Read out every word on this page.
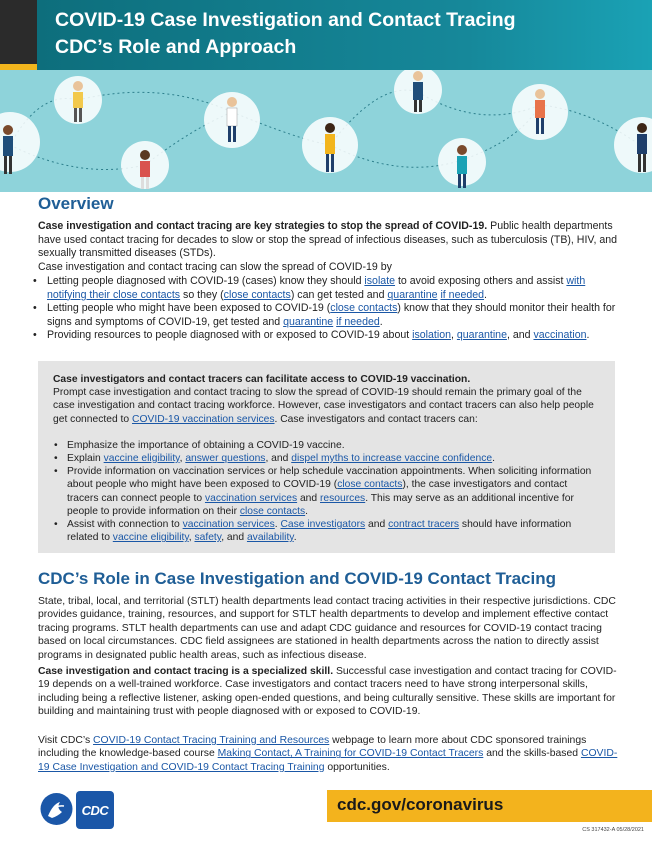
COVID-19 Case Investigation and Contact Tracing
CDC’s Role and Approach
Overview

Case investigation and contact tracing are key strategies to stop the spread of COVID-19. Public health departments have used contact tracing for decades to slow or stop the spread of infectious diseases, such as tuberculosis (TB), HIV, and sexually transmitted diseases (STDs).

Case investigation and contact tracing can slow the spread of COVID-19 by

• Letting people diagnosed with COVID-19 (cases) know they should isolate to avoid exposing others and assist with notifying their close contacts so they (close contacts) can get tested and quarantine if needed.
• Letting people who might have been exposed to COVID-19 (close contacts) know that they should monitor their health for signs and symptoms of COVID-19, get tested and quarantine if needed.
• Providing resources to people diagnosed with or exposed to COVID-19 about isolation, quarantine, and vaccination.
Case investigators and contact tracers can facilitate access to COVID-19 vaccination.
Prompt case investigation and contact tracing to slow the spread of COVID-19 should remain the primary goal of the case investigation and contact tracing workforce. However, case investigators and contact tracers can also help people get connected to COVID-19 vaccination services. Case investigators and contact tracers can:
• Emphasize the importance of obtaining a COVID-19 vaccine.
• Explain vaccine eligibility, answer questions, and dispel myths to increase vaccine confidence.
• Provide information on vaccination services or help schedule vaccination appointments. When soliciting information about people who might have been exposed to COVID-19 (close contacts), the case investigators and contact tracers can connect people to vaccination services and resources. This may serve as an additional incentive for people to provide information on their close contacts.
• Assist with connection to vaccination services. Case investigators and contract tracers should have information related to vaccine eligibility, safety, and availability.
CDC’s Role in Case Investigation and COVID-19 Contact Tracing

State, tribal, local, and territorial (STLT) health departments lead contact tracing activities in their respective jurisdictions. CDC provides guidance, training, resources, and support for STLT health departments to develop and implement effective contact tracing programs. STLT health departments can use and adapt CDC guidance and resources for COVID-19 contact tracing based on local circumstances. CDC field assignees are stationed in health departments across the nation to directly assist programs in designated public health areas, such as infectious disease.

Case investigation and contact tracing is a specialized skill. Successful case investigation and contact tracing for COVID-19 depends on a well-trained workforce. Case investigators and contact tracers need to have strong interpersonal skills, including being a reflective listener, asking open-ended questions, and being culturally sensitive. These skills are important for building and maintaining trust with people diagnosed with or exposed to COVID-19.

Visit CDC’s COVID-19 Contact Tracing Training and Resources webpage to learn more about CDC sponsored trainings including the knowledge-based course Making Contact, A Training for COVID-19 Contact Tracers and the skills-based COVID-19 Case Investigation and COVID-19 Contact Tracing Training opportunities.

CDC	cdc.gov/coronavirus
CS 317432-A 05/28/2021
